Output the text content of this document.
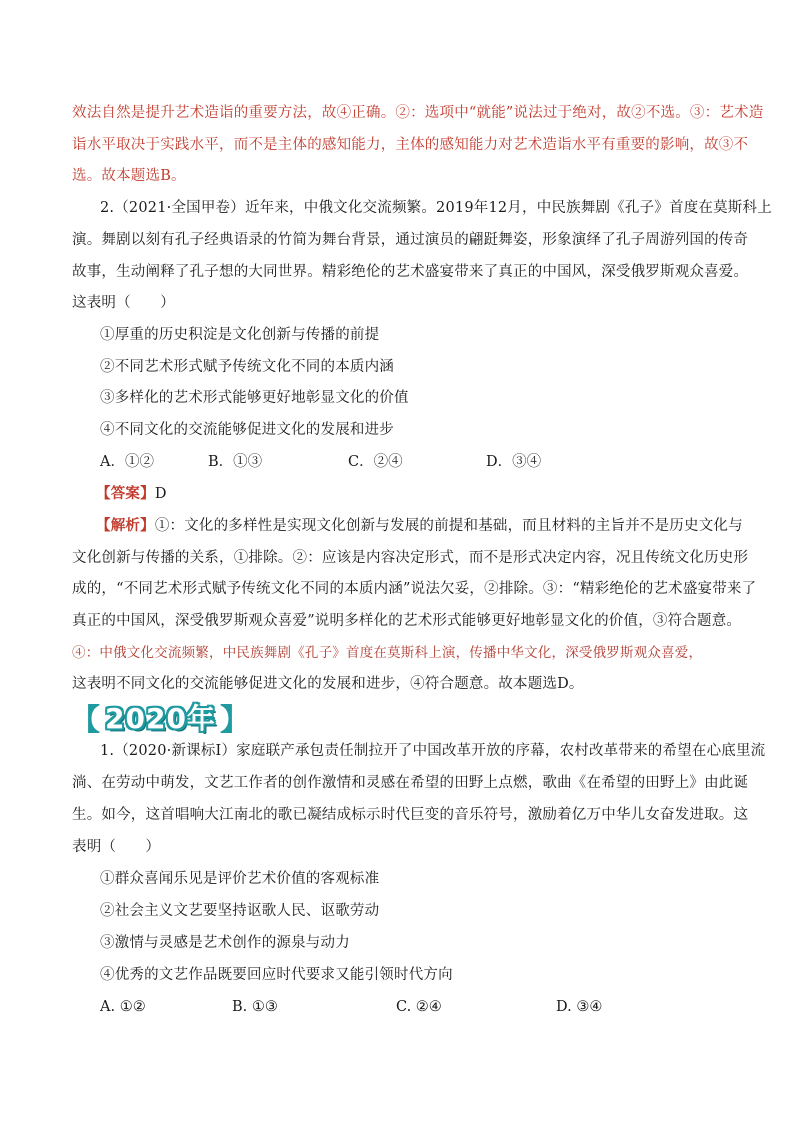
效法自然是提升艺术造诣的重要方法，故④正确。②：选项中“就能”说法过于绝对，故②不选。③：艺术造
诣水平取决于实践水平，而不是主体的感知能力，主体的感知能力对艺术造诣水平有重要的影响，故③不
选。故本题选B。
2.（2021·全国甲卷）近年来，中俄文化交流频繁。2019年12月，中民族舞剧《孔子》首度在莫斯科上
演。舞剧以刻有孔子经典语录的竹简为舞台背景，通过演员的翩跹舞姿，形象演绎了孔子周游列国的传奇
故事，生动阐释了孔子想的大同世界。精彩绝伦的艺术盛宴带来了真正的中国风，深受俄罗斯观众喜爱。
这表明（　　）
①厚重的历史积淀是文化创新与传播的前提
②不同艺术形式赋予传统文化不同的本质内涵
③多样化的艺术形式能够更好地彰显文化的价值
④不同文化的交流能够促进文化的发展和进步
A．①②	B．①③	C．②④	D．③④
【答案】D
【解析】①：文化的多样性是实现文化创新与发展的前提和基础，而且材料的主旨并不是历史文化与
文化创新与传播的关系，①排除。②：应该是内容决定形式，而不是形式决定内容，况且传统文化历史形
成的，“不同艺术形式赋予传统文化不同的本质内涵”说法欠妥，②排除。③：“精彩绝伦的艺术盛宴带来了
真正的中国风，深受俄罗斯观众喜爱”说明多样化的艺术形式能够更好地彰显文化的价值，③符合题意。
④：中俄文化交流频繁，中民族舞剧《孔子》首度在莫斯科上演，传播中华文化，深受俄罗斯观众喜爱，
这表明不同文化的交流能够促进文化的发展和进步，④符合题意。故本题选D。
【 2020年 】
1.（2020·新课标Ⅰ）家庭联产承包责任制拉开了中国改革开放的序幕，农村改革带来的希望在心底里流
淌、在劳动中萌发，文艺工作者的创作激情和灵感在希望的田野上点燃，歌曲《在希望的田野上》由此诞
生。如今，这首唱响大江南北的歌已凝结成标示时代巨变的音乐符号，激励着亿万中华儿女奋发进取。这
表明（　　）
①群众喜闻乐见是评价艺术价值的客观标准
②社会主义文艺要坚持讴歌人民、讴歌劳动
③激情与灵感是艺术创作的源泉与动力
④优秀的文艺作品既要回应时代要求又能引领时代方向
A. ①②	B. ①③	C. ②④	D. ③④
